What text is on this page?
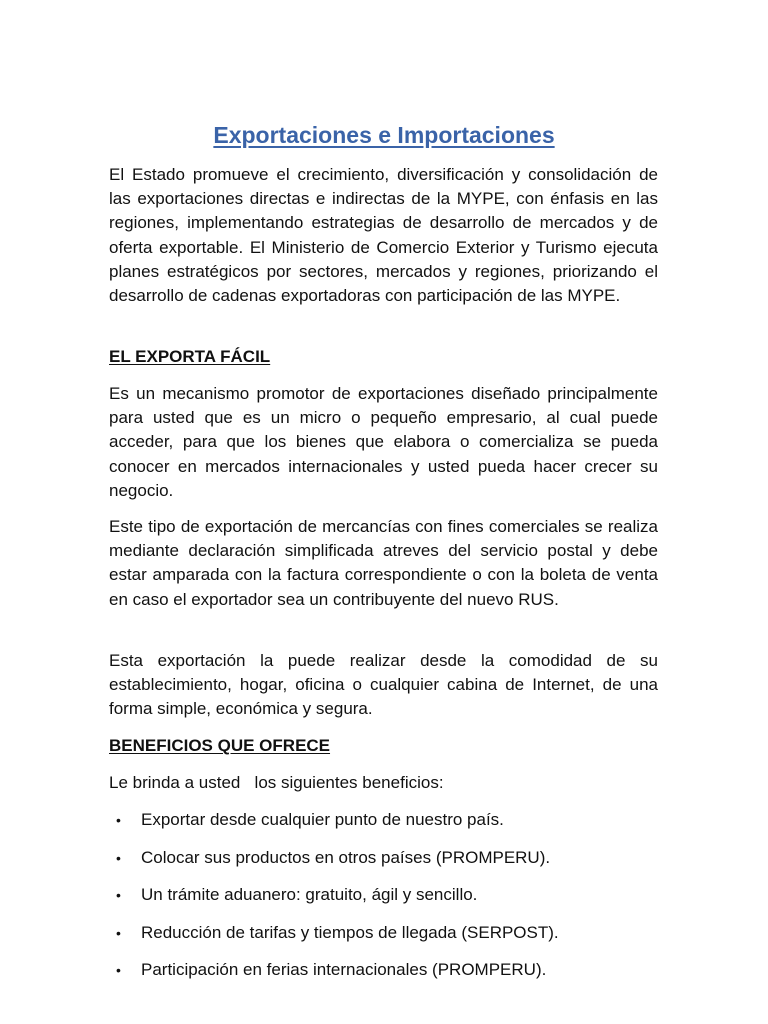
Exportaciones e Importaciones

El Estado promueve el crecimiento, diversificación y consolidación de las exportaciones directas e indirectas de la MYPE, con énfasis en las regiones, implementando estrategias de desarrollo de mercados y de oferta exportable. El Ministerio de Comercio Exterior y Turismo ejecuta planes estratégicos por sectores, mercados y regiones, priorizando el desarrollo de cadenas exportadoras con participación de las MYPE.

EL EXPORTA FÁCIL

Es un mecanismo promotor de exportaciones diseñado principalmente para usted que es un micro o pequeño empresario, al cual puede acceder, para que los bienes que elabora o comercializa se pueda conocer en mercados internacionales y usted pueda hacer crecer su negocio.

Este tipo de exportación de mercancías con fines comerciales se realiza mediante declaración simplificada atreves del servicio postal y debe estar amparada con la factura correspondiente o con la boleta de venta en caso el exportador sea un contribuyente del nuevo RUS.

Esta exportación la puede realizar desde la comodidad de su establecimiento, hogar, oficina o cualquier cabina de Internet, de una forma simple, económica y segura.

BENEFICIOS QUE OFRECE

Le brinda a usted   los siguientes beneficios:

• Exportar desde cualquier punto de nuestro país.
• Colocar sus productos en otros países (PROMPERU).
• Un trámite aduanero: gratuito, ágil y sencillo.
• Reducción de tarifas y tiempos de llegada (SERPOST).
• Participación en ferias internacionales (PROMPERU).
